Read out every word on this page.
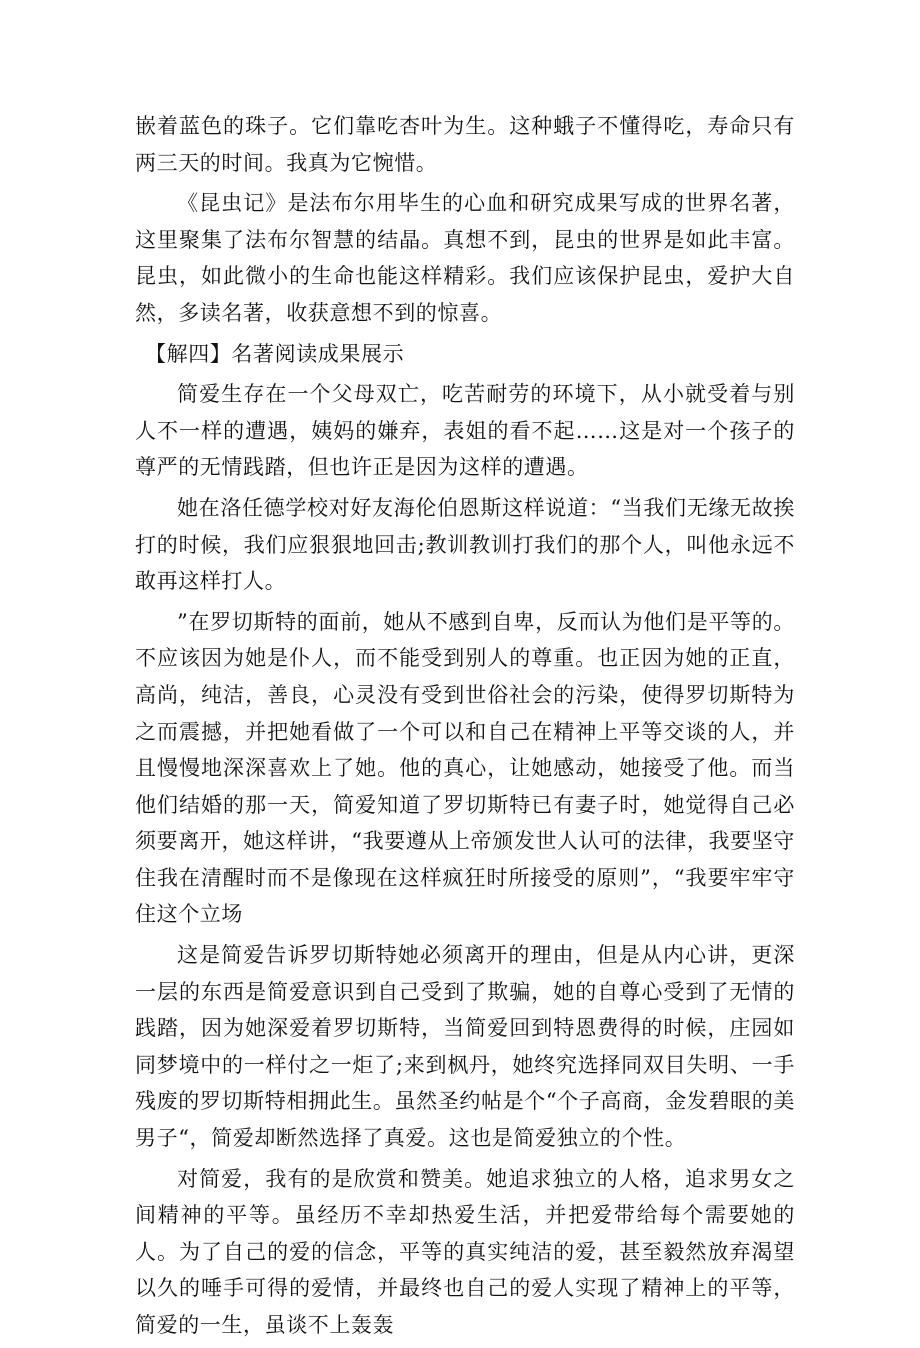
嵌着蓝色的珠子。它们靠吃杏叶为生。这种蛾子不懂得吃，寿命只有两三天的时间。我真为它惋惜。

《昆虫记》是法布尔用毕生的心血和研究成果写成的世界名著，这里聚集了法布尔智慧的结晶。真想不到，昆虫的世界是如此丰富。昆虫，如此微小的生命也能这样精彩。我们应该保护昆虫，爱护大自然，多读名著，收获意想不到的惊喜。

【解四】名著阅读成果展示

简爱生存在一个父母双亡，吃苦耐劳的环境下，从小就受着与别人不一样的遭遇，姨妈的嫌弃，表姐的看不起……这是对一个孩子的尊严的无情践踏，但也许正是因为这样的遭遇。

她在洛任德学校对好友海伦伯恩斯这样说道：“当我们无缘无故挨打的时候，我们应狠狠地回击;教训教训打我们的那个人，叫他永远不敢再这样打人。

”在罗切斯特的面前，她从不感到自卑，反而认为他们是平等的。不应该因为她是仆人，而不能受到别人的尊重。也正因为她的正直，高尚，纯洁，善良，心灵没有受到世俗社会的污染，使得罗切斯特为之而震撼，并把她看做了一个可以和自己在精神上平等交谈的人，并且慢慢地深深喜欢上了她。他的真心，让她感动，她接受了他。而当他们结婚的那一天，简爱知道了罗切斯特已有妻子时，她觉得自己必须要离开，她这样讲，“我要遵从上帝颁发世人认可的法律，我要坚守住我在清醒时而不是像现在这样疯狂时所接受的原则”，“我要牢牢守住这个立场

这是简爱告诉罗切斯特她必须离开的理由，但是从内心讲，更深一层的东西是简爱意识到自己受到了欺骗，她的自尊心受到了无情的践踏，因为她深爱着罗切斯特，当简爱回到特恩费得的时候，庄园如同梦境中的一样付之一炬了;来到枫丹，她终究选择同双目失明、一手残废的罗切斯特相拥此生。虽然圣约帖是个“个子高商，金发碧眼的美男子“，简爱却断然选择了真爱。这也是简爱独立的个性。

对简爱，我有的是欣赏和赞美。她追求独立的人格，追求男女之间精神的平等。虽经历不幸却热爱生活，并把爱带给每个需要她的人。为了自己的爱的信念，平等的真实纯洁的爱，甚至毅然放弃渴望以久的唾手可得的爱情，并最终也自己的爱人实现了精神上的平等，简爱的一生，虽谈不上轰轰
